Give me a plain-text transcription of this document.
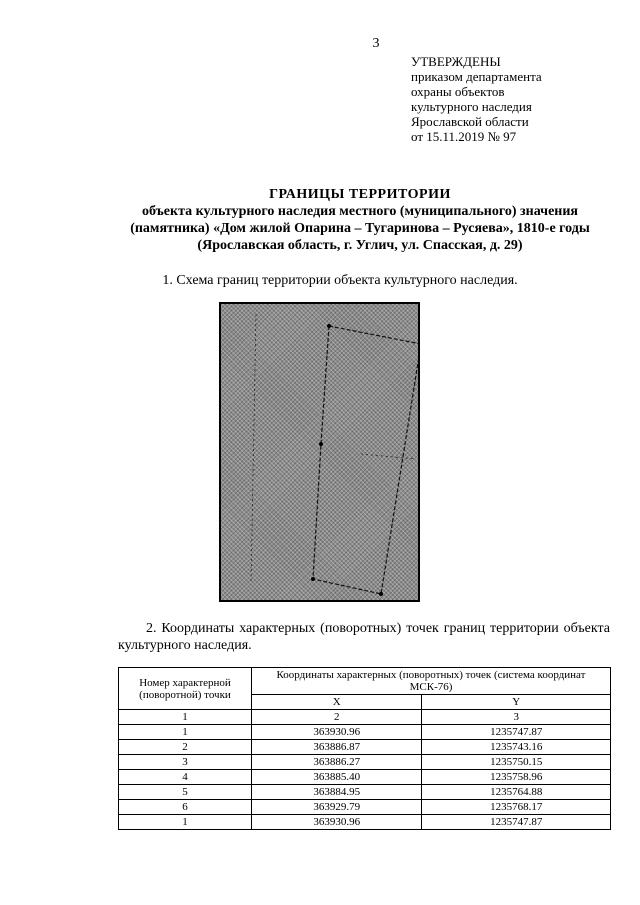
3
УТВЕРЖДЕНЫ
приказом департамента
охраны объектов
культурного наследия
Ярославской области
от 15.11.2019 № 97
ГРАНИЦЫ ТЕРРИТОРИИ
объекта культурного наследия местного (муниципального) значения
(памятника) «Дом жилой Опарина – Тугаринова – Русяева», 1810-е годы
(Ярославская область, г. Углич, ул. Спасская, д. 29)
1. Схема границ территории объекта культурного наследия.
2. Координаты характерных (поворотных) точек границ территории объекта культурного наследия.
Номер характерной (поворотной) точки	Координаты характерных (поворотных) точек (система координат МСК-76)	
	X	Y
1	2	3
1	363930.96	1235747.87
2	363886.87	1235743.16
3	363886.27	1235750.15
4	363885.40	1235758.96
5	363884.95	1235764.88
6	363929.79	1235768.17
1	363930.96	1235747.87
